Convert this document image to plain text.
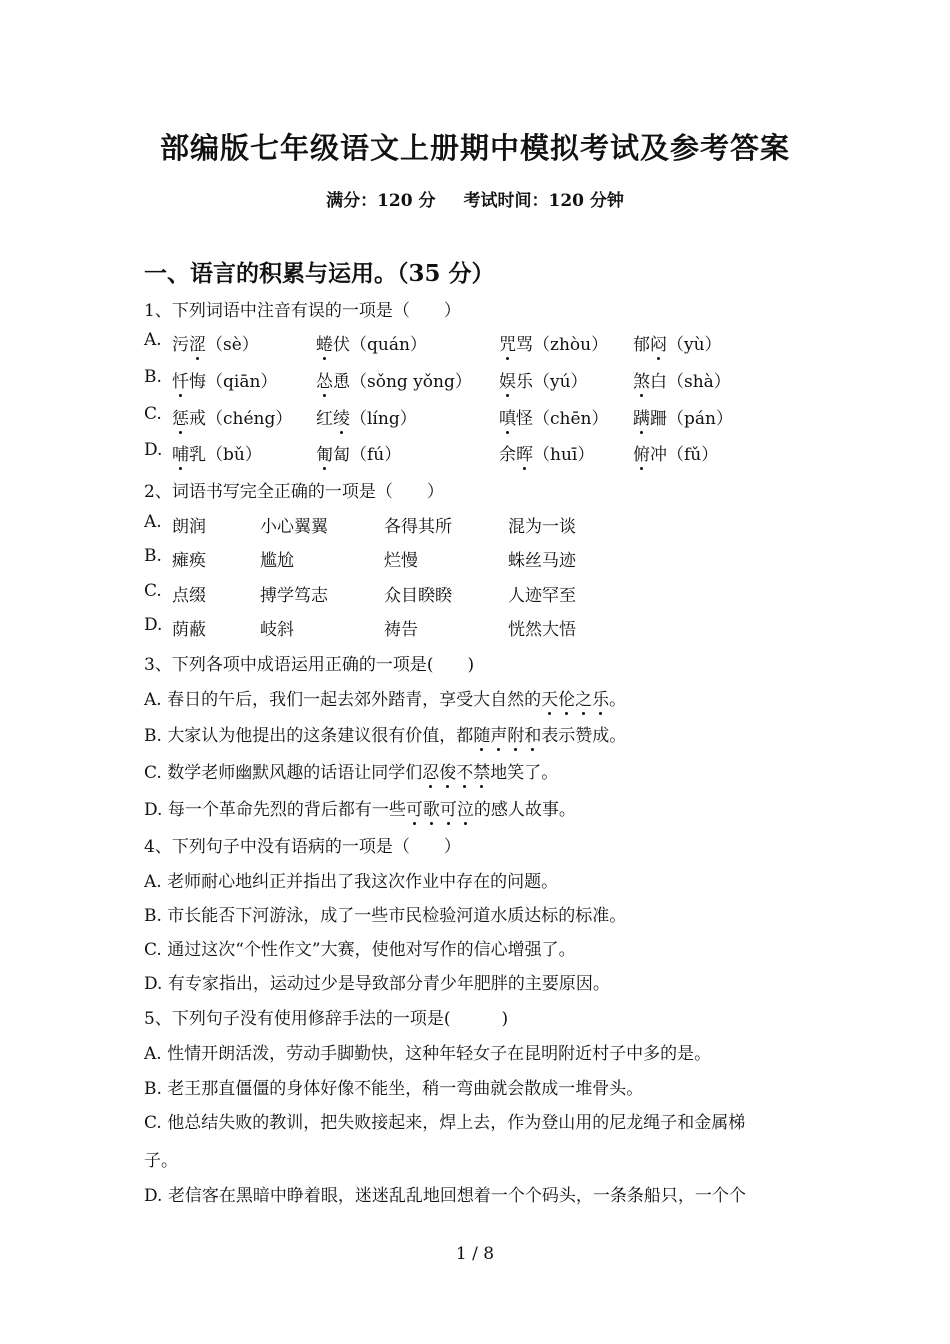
部编版七年级语文上册期中模拟考试及参考答案
满分：120 分 考试时间：120 分钟
一、语言的积累与运用。（35 分）
1、下列词语中注音有误的一项是（　　）
A. 污涩（sè）	蜷伏（quán）	咒骂（zhòu） 郁闷（yù）
B. 忏悔（qiān） 怂恿（sǒng yǒng） 娱乐（yú）	煞白（shà）
C. 惩戒（chéng） 红绫（líng）	嗔怪（chēn） 蹒跚（pán）
D. 哺乳（bǔ）	匍匐（fú）	余晖（huī） 俯冲（fǔ）
2、词语书写完全正确的一项是（　　）
A. 朗润	小心翼翼	各得其所	混为一谈
B. 瘫痪	尴尬	烂慢	蛛丝马迹
C. 点缀	搏学笃志	众目睽睽	人迹罕至
D. 荫蔽	岐斜	祷告	恍然大悟
3、下列各项中成语运用正确的一项是(　　)
A. 春日的午后，我们一起去郊外踏青，享受大自然的天伦之乐。
B. 大家认为他提出的这条建议很有价值，都随声附和表示赞成。
C. 数学老师幽默风趣的话语让同学们忍俊不禁地笑了。
D. 每一个革命先烈的背后都有一些可歌可泣的感人故事。
4、下列句子中没有语病的一项是（　　）
A. 老师耐心地纠正并指出了我这次作业中存在的问题。
B. 市长能否下河游泳，成了一些市民检验河道水质达标的标准。
C. 通过这次“个性作文”大赛，使他对写作的信心增强了。
D. 有专家指出，运动过少是导致部分青少年肥胖的主要原因。
5、下列句子没有使用修辞手法的一项是(　　　)
A. 性情开朗活泼，劳动手脚勤快，这种年轻女子在昆明附近村子中多的是。
B. 老王那直僵僵的身体好像不能坐，稍一弯曲就会散成一堆骨头。
C. 他总结失败的教训，把失败接起来，焊上去，作为登山用的尼龙绳子和金属梯
子。
D. 老信客在黑暗中睁着眼，迷迷乱乱地回想着一个个码头，一条条船只，一个个
1 / 8
